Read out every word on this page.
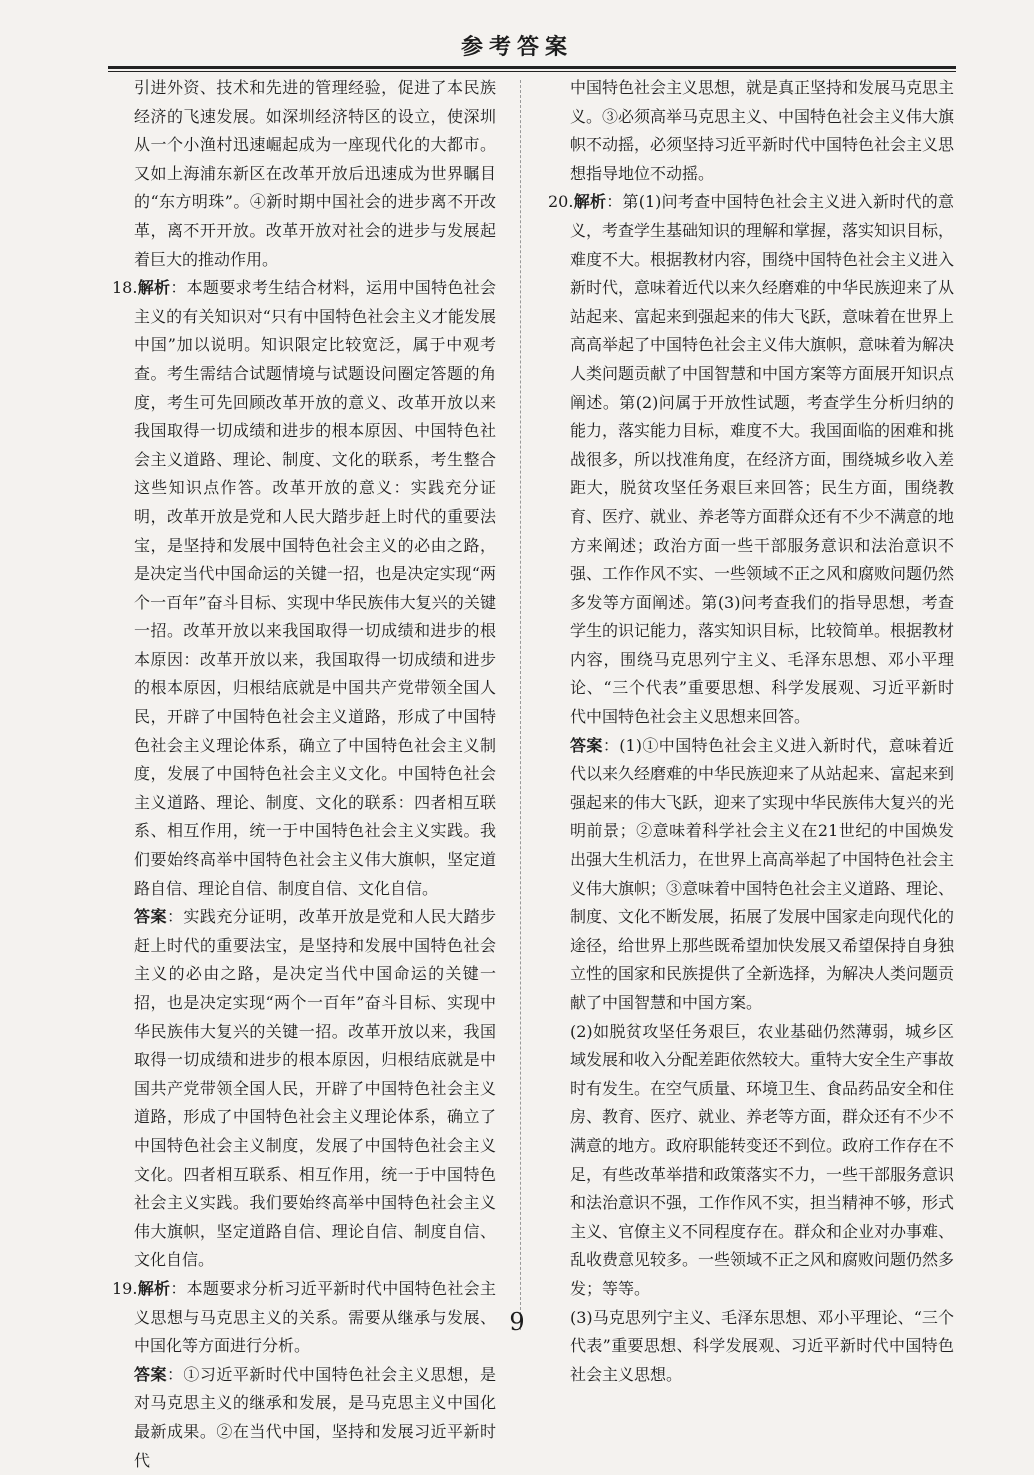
参考答案

引进外资、技术和先进的管理经验，促进了本民族经济的飞速发展。如深圳经济特区的设立，使深圳从一个小渔村迅速崛起成为一座现代化的大都市。又如上海浦东新区在改革开放后迅速成为世界瞩目的“东方明珠”。④新时期中国社会的进步离不开改革，离不开开放。改革开放对社会的进步与发展起着巨大的推动作用。

18.解析：本题要求考生结合材料，运用中国特色社会主义的有关知识对“只有中国特色社会主义才能发展中国”加以说明。知识限定比较宽泛，属于中观考查。考生需结合试题情境与试题设问圈定答题的角度，考生可先回顾改革开放的意义、改革开放以来我国取得一切成绩和进步的根本原因、中国特色社会主义道路、理论、制度、文化的联系，考生整合这些知识点作答。改革开放的意义：实践充分证明，改革开放是党和人民大踏步赶上时代的重要法宝，是坚持和发展中国特色社会主义的必由之路，是决定当代中国命运的关键一招，也是决定实现“两个一百年”奋斗目标、实现中华民族伟大复兴的关键一招。改革开放以来我国取得一切成绩和进步的根本原因：改革开放以来，我国取得一切成绩和进步的根本原因，归根结底就是中国共产党带领全国人民，开辟了中国特色社会主义道路，形成了中国特色社会主义理论体系，确立了中国特色社会主义制度，发展了中国特色社会主义文化。中国特色社会主义道路、理论、制度、文化的联系：四者相互联系、相互作用，统一于中国特色社会主义实践。我们要始终高举中国特色社会主义伟大旗帜，坚定道路自信、理论自信、制度自信、文化自信。

答案：实践充分证明，改革开放是党和人民大踏步赶上时代的重要法宝，是坚持和发展中国特色社会主义的必由之路，是决定当代中国命运的关键一招，也是决定实现“两个一百年”奋斗目标、实现中华民族伟大复兴的关键一招。改革开放以来，我国取得一切成绩和进步的根本原因，归根结底就是中国共产党带领全国人民，开辟了中国特色社会主义道路，形成了中国特色社会主义理论体系，确立了中国特色社会主义制度，发展了中国特色社会主义文化。四者相互联系、相互作用，统一于中国特色社会主义实践。我们要始终高举中国特色社会主义伟大旗帜，坚定道路自信、理论自信、制度自信、文化自信。

19.解析：本题要求分析习近平新时代中国特色社会主义思想与马克思主义的关系。需要从继承与发展、中国化等方面进行分析。

答案：①习近平新时代中国特色社会主义思想，是对马克思主义的继承和发展，是马克思主义中国化最新成果。②在当代中国，坚持和发展习近平新时代

中国特色社会主义思想，就是真正坚持和发展马克思主义。③必须高举马克思主义、中国特色社会主义伟大旗帜不动摇，必须坚持习近平新时代中国特色社会主义思想指导地位不动摇。

20.解析：第(1)问考查中国特色社会主义进入新时代的意义，考查学生基础知识的理解和掌握，落实知识目标，难度不大。根据教材内容，围绕中国特色社会主义进入新时代，意味着近代以来久经磨难的中华民族迎来了从站起来、富起来到强起来的伟大飞跃，意味着在世界上高高举起了中国特色社会主义伟大旗帜，意味着为解决人类问题贡献了中国智慧和中国方案等方面展开知识点阐述。第(2)问属于开放性试题，考查学生分析归纳的能力，落实能力目标，难度不大。我国面临的困难和挑战很多，所以找准角度，在经济方面，围绕城乡收入差距大，脱贫攻坚任务艰巨来回答；民生方面，围绕教育、医疗、就业、养老等方面群众还有不少不满意的地方来阐述；政治方面一些干部服务意识和法治意识不强、工作作风不实、一些领域不正之风和腐败问题仍然多发等方面阐述。第(3)问考查我们的指导思想，考查学生的识记能力，落实知识目标，比较简单。根据教材内容，围绕马克思列宁主义、毛泽东思想、邓小平理论、“三个代表”重要思想、科学发展观、习近平新时代中国特色社会主义思想来回答。

答案：(1)①中国特色社会主义进入新时代，意味着近代以来久经磨难的中华民族迎来了从站起来、富起来到强起来的伟大飞跃，迎来了实现中华民族伟大复兴的光明前景；②意味着科学社会主义在21世纪的中国焕发出强大生机活力，在世界上高高举起了中国特色社会主义伟大旗帜；③意味着中国特色社会主义道路、理论、制度、文化不断发展，拓展了发展中国家走向现代化的途径，给世界上那些既希望加快发展又希望保持自身独立性的国家和民族提供了全新选择，为解决人类问题贡献了中国智慧和中国方案。

(2)如脱贫攻坚任务艰巨，农业基础仍然薄弱，城乡区域发展和收入分配差距依然较大。重特大安全生产事故时有发生。在空气质量、环境卫生、食品药品安全和住房、教育、医疗、就业、养老等方面，群众还有不少不满意的地方。政府职能转变还不到位。政府工作存在不足，有些改革举措和政策落实不力，一些干部服务意识和法治意识不强，工作作风不实，担当精神不够，形式主义、官僚主义不同程度存在。群众和企业对办事难、乱收费意见较多。一些领域不正之风和腐败问题仍然多发；等等。

(3)马克思列宁主义、毛泽东思想、邓小平理论、“三个代表”重要思想、科学发展观、习近平新时代中国特色社会主义思想。

9
